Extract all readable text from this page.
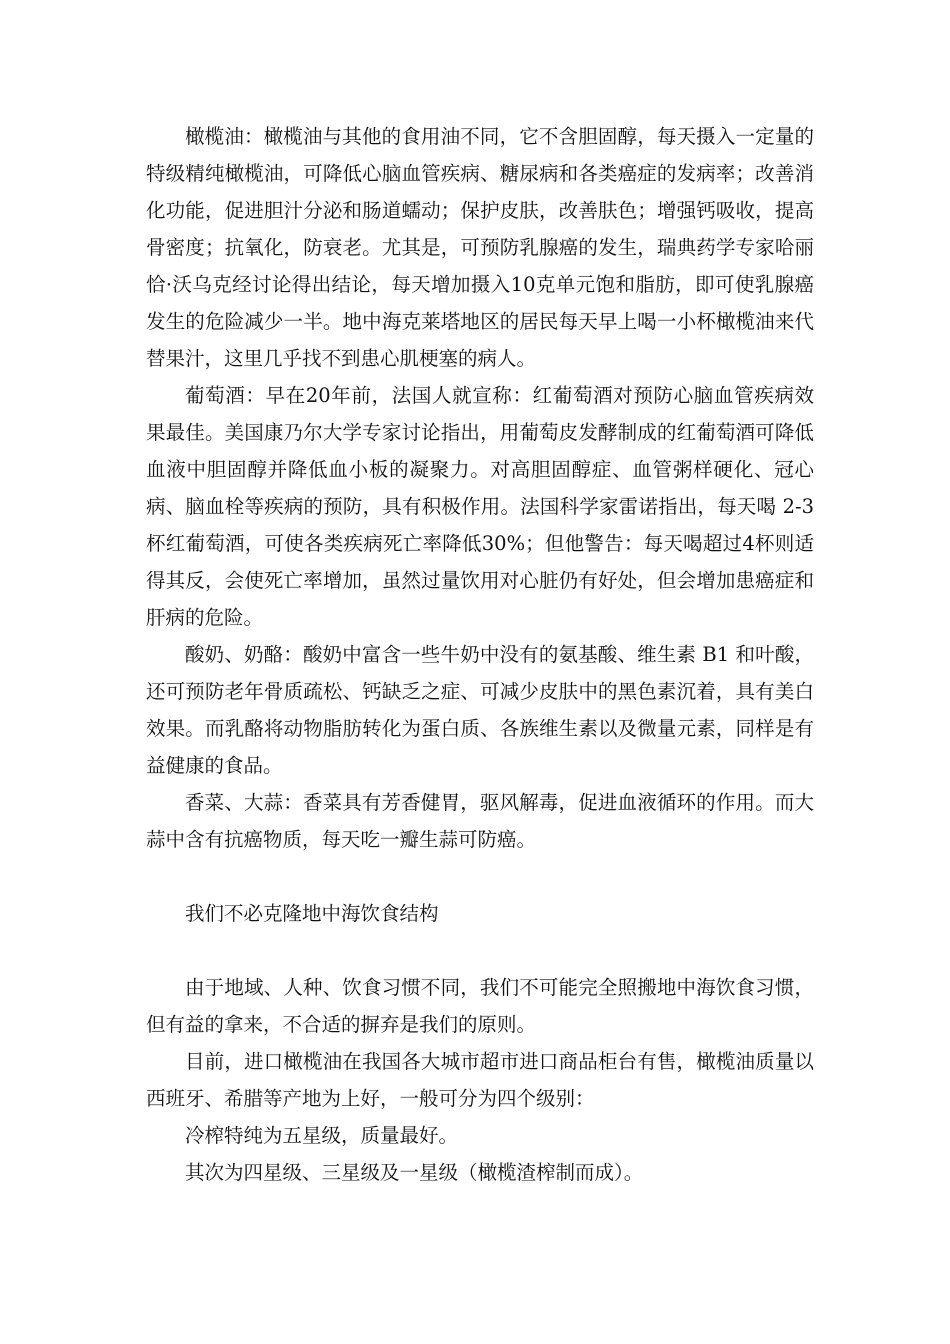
橄榄油：橄榄油与其他的食用油不同，它不含胆固醇，每天摄入一定量的特级精纯橄榄油，可降低心脑血管疾病、糖尿病和各类癌症的发病率；改善消化功能，促进胆汁分泌和肠道蠕动；保护皮肤，改善肤色；增强钙吸收，提高骨密度；抗氧化，防衰老。尤其是，可预防乳腺癌的发生，瑞典药学专家哈丽恰·沃乌克经讨论得出结论，每天增加摄入10克单元饱和脂肪，即可使乳腺癌发生的危险减少一半。地中海克莱塔地区的居民每天早上喝一小杯橄榄油来代替果汁，这里几乎找不到患心肌梗塞的病人。

葡萄酒：早在20年前，法国人就宣称：红葡萄酒对预防心脑血管疾病效果最佳。美国康乃尔大学专家讨论指出，用葡萄皮发酵制成的红葡萄酒可降低血液中胆固醇并降低血小板的凝聚力。对高胆固醇症、血管粥样硬化、冠心病、脑血栓等疾病的预防，具有积极作用。法国科学家雷诺指出，每天喝 2-3 杯红葡萄酒，可使各类疾病死亡率降低30%；但他警告：每天喝超过4杯则适得其反，会使死亡率增加，虽然过量饮用对心脏仍有好处，但会增加患癌症和肝病的危险。

酸奶、奶酪：酸奶中富含一些牛奶中没有的氨基酸、维生素 B1 和叶酸，还可预防老年骨质疏松、钙缺乏之症、可减少皮肤中的黑色素沉着，具有美白效果。而乳酪将动物脂肪转化为蛋白质、各族维生素以及微量元素，同样是有益健康的食品。

香菜、大蒜：香菜具有芳香健胃，驱风解毒，促进血液循环的作用。而大蒜中含有抗癌物质，每天吃一瓣生蒜可防癌。

我们不必克隆地中海饮食结构

由于地域、人种、饮食习惯不同，我们不可能完全照搬地中海饮食习惯，但有益的拿来，不合适的摒弃是我们的原则。

目前，进口橄榄油在我国各大城市超市进口商品柜台有售，橄榄油质量以西班牙、希腊等产地为上好，一般可分为四个级别：

冷榨特纯为五星级，质量最好。

其次为四星级、三星级及一星级（橄榄渣榨制而成）。
